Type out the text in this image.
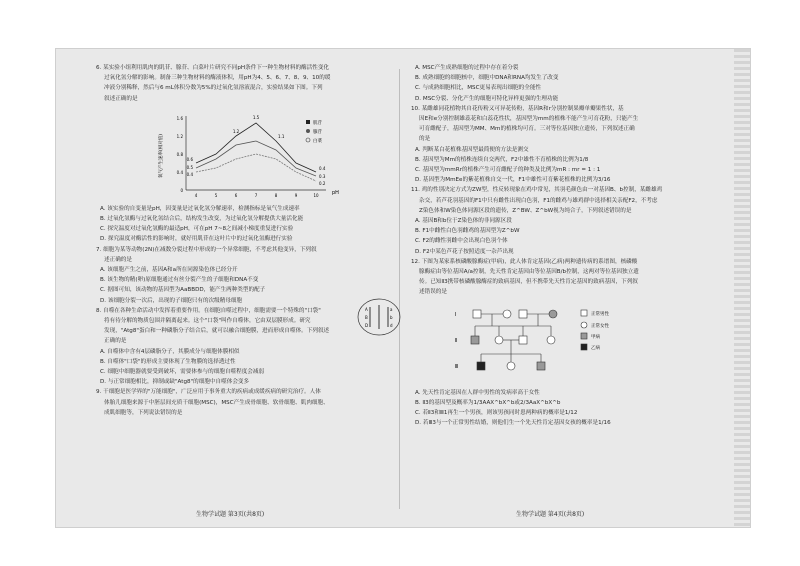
6. 某实验小组利用肌肉的肌苷、腺苷、白菜叶片研究不同pH条件下一种生物材料的酶活性变化

过氧化氢分解的影响。制备三种生物材料的酶液体积，用pH为4、5、6、7、8、9、10的缓

冲液分别稀释，然后与6 mL体积分数为5%的过氧化氢溶液混合，实验结果如下图。下列

叙述正确的是

氧气产生速率(相对值)
pH
0
0.4
0.8
1.2
1.6
4	5	6	7	8	9	10
1.5
1.2
1.1
0.6
0.5
0.4
0.4
0.3
0.2
肌苷
腺苷
白菜

A. 该实验的自变量是pH，因变量是过氧化氢分解速率，检测指标是氧气生成速率

B. 过氧化氢酶与过氧化氢结合后，结构发生改变，为过氧化氢分解提供大量活化能

C. 探究温度对过氧化氢酶的最适pH，可在pH 7~8之间减小梯度重复进行实验

D. 探究温度对酶活性的影响时，就好用肌苷在这叶片中的过氧化氢酶进行实验

7. 细胞为某等动物(2N)在减数分裂过程中形成的一个异常细胞，不考虑其他变异，下列叙

述正确的是

A. 该细胞产生之前，基因A和a所在同源染色体已经分开

B. 该生物的精(卵)原细胞通过有丝分裂产生的子细胞和DNA不变

C. 据图可知，该动物的基因型为AaBBDD，能产生两种类型的配子

D. 该细胞分裂一次后，出现的子细胞只有的次级精母细胞

8. 自噬在各种生命活动中发挥着重要作用。在细胞自噬过程中，细胞需要一个特殊的"口袋"

将有待分解的物质包围并隔离起来。这个"口袋"叫作自噬体，它由双层膜形成。研究

发现，"Atg8"蛋白和一种磷脂分子结合后，就可以融合细胞膜，进而形成自噬体。下列叙述

正确的是

A. 自噬体中含有4层磷脂分子，其膜成分与细胞体膜相似

B. 自噬体"口袋"的形成主要体现了生物膜的选择透过性

C. 细胞中细胞器就要受到破坏，需要体参与的细胞自噬程度会减弱

D. 与正常细胞相比，抑制或缺"Atg8"的细胞中自噬体会变多

9. 干细胞是医学界的"万能细胞"，广泛应用于事务重大的疾病或成缓疾病的研究治疗。人体

体胎儿细胞来源于中胚层间充质干细胞(MSC)，MSC产生成骨细胞、软骨细胞、肌肉细胞、

成肌细胞等，下列说法错误的是

A	a
B	b
D	d

生物学试题 第3页(共8页)

A. MSC产生成熟细胞的过程中存在着分裂

B. 成熟细胞的细胞核中，细胞中DNA和RNA均发生了改变

C. 与成熟细胞相比，MSC更易表现出细胞的全能性

D. MSC分裂、分化产生的细胞可特化异样更强的生理功能

10. 某雌雄同花植物其自花传粉又可异花传粉，基因R和r分别控制果瓣单瓣果性状，基

因E和e分别控制雄蕊花和白蕊花性状，基因型为mm的植株不能产生可育花粉，只能产生

可育雌配子，基因型为MM、Mm的植株均可育。三对等位基因独立遗传，下列叙述正确

的是

A. 判断某白花植株基因型最简便的方法是测交

B. 基因型为Mm的植株连续自交两代，F2中雄性不育植株的比例为1/8

C. 基因型为mmRr的植株产生可育雌配子的种类及比例为mR : mr = 1 : 1

D. 基因型为MmEe的紫花植株自交一代，F1中雄性可育紫花植株的比例为3/16

11. 鸡的性别决定方式为ZW型，性反转现象在鸡中常见，其羽毛颜色由一对基因B、b控制，某雌雄鸡

杂交，若芦花羽基因的F1中只有雌性出现白色羽，F1的雌鸡与雄鸡群中选择相关亲配F2，不考虑

Z染色体和W染色体同源区段的遗传，Z^BW、Z^bW视为纯合子，下列叙述错误的是

A. 基因B和b位于Z染色体的非同源区段

B. F1中雌性白色羽雌鸡的基因型为Z^bW

C. F2的雌性羽雌中会出现白色羽个体

D. F2中某色芦花子按照适度一杂芦出现

12. 下图为某家系核磷酸腺酶症(甲病)，此人体肯定基因(乙病)两种遗传病的系谱图，核磷酸

腺酶症由等位基因A/a控制，先天性肯定基因由等位基因B/b控制，这两对等位基因独立遗

传。已知Ⅱ3携带核磷酸腺酶症的致病基因，但不携带先天性肯定基因的致病基因，下列叙

述错误的是

Ⅰ
Ⅱ
Ⅲ
正常男性
正常女性
甲病
乙病

A. 先天性肯定基因在人群中男性的发病率高于女性

B. Ⅱ3的基因型及概率为1/3AAX^bX^b或2/3AaX^bX^b

C. 若Ⅱ3和Ⅲ1再生一个男孩，则该男孩同时患两种病的概率是1/12

D. 若Ⅲ3与一个正常男性结婚，则他们生一个先天性肯定基因女孩的概率是1/16

生物学试题 第4页(共8页)
